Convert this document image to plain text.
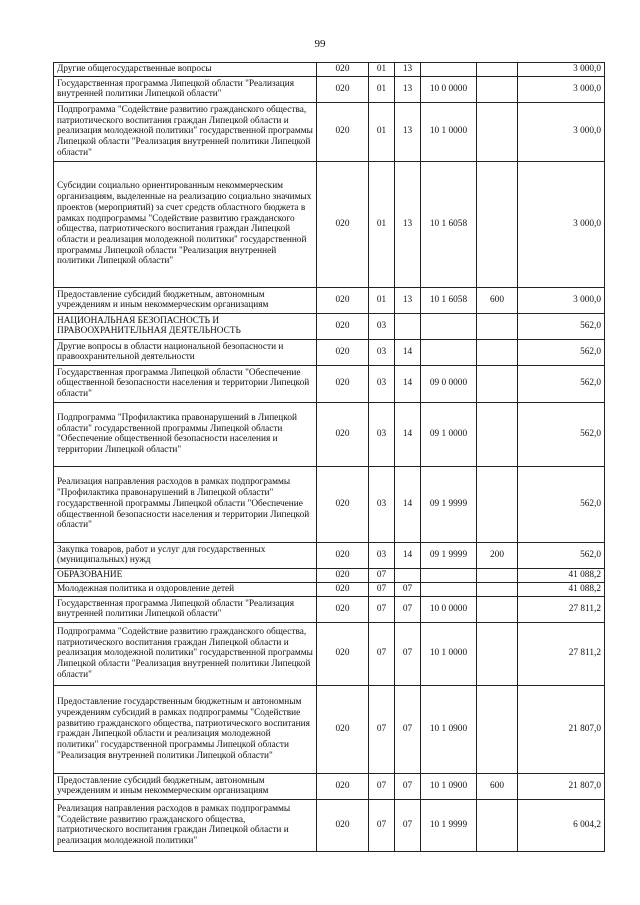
99
Другие общегосударственные вопросы	020	01	13			3 000,0
Государственная программа Липецкой области "Реализация внутренней политики Липецкой области"	020	01	13	10 0 0000		3 000,0
Подпрограмма "Содействие развитию гражданского общества, патриотического воспитания граждан Липецкой области и реализация молодежной политики" государственной программы Липецкой области "Реализация внутренней политики Липецкой области"	020	01	13	10 1 0000		3 000,0
Субсидии социально ориентированным некоммерческим организациям, выделенные на реализацию социально значимых проектов (мероприятий) за счет средств областного бюджета в рамках подпрограммы "Содействие развитию гражданского общества, патриотического воспитания граждан Липецкой области и реализация молодежной политики" государственной программы Липецкой области "Реализация внутренней политики Липецкой области"	020	01	13	10 1 6058		3 000,0
Предоставление субсидий бюджетным, автономным учреждениям и иным некоммерческим организациям	020	01	13	10 1 6058	600	3 000,0
НАЦИОНАЛЬНАЯ БЕЗОПАСНОСТЬ И ПРАВООХРАНИТЕЛЬНАЯ ДЕЯТЕЛЬНОСТЬ	020	03				562,0
Другие вопросы в области национальной безопасности и правоохранительной деятельности	020	03	14			562,0
Государственная программа Липецкой области "Обеспечение общественной безопасности населения и территории Липецкой области"	020	03	14	09 0 0000		562,0
Подпрограмма "Профилактика правонарушений в Липецкой области" государственной программы Липецкой области "Обеспечение общественной безопасности населения и территории Липецкой области"	020	03	14	09 1 0000		562,0
Реализация направления расходов в рамках подпрограммы "Профилактика правонарушений в Липецкой области" государственной программы Липецкой области "Обеспечение общественной безопасности населения и территории Липецкой области"	020	03	14	09 1 9999		562,0
Закупка товаров, работ и услуг для государственных (муниципальных) нужд	020	03	14	09 1 9999	200	562,0
ОБРАЗОВАНИЕ	020	07				41 088,2
Молодежная политика и оздоровление детей	020	07	07			41 088,2
Государственная программа Липецкой области "Реализация внутренней политики Липецкой области"	020	07	07	10 0 0000		27 811,2
Подпрограмма "Содействие развитию гражданского общества, патриотического воспитания граждан Липецкой области и реализация молодежной политики" государственной программы Липецкой области "Реализация внутренней политики Липецкой области"	020	07	07	10 1 0000		27 811,2
Предоставление государственным бюджетным и автономным учреждениям субсидий в рамках подпрограммы "Содействие развитию гражданского общества, патриотического воспитания граждан Липецкой области и реализация молодежной политики" государственной программы Липецкой области "Реализация внутренней политики Липецкой области"	020	07	07	10 1 0900		21 807,0
Предоставление субсидий бюджетным, автономным учреждениям и иным некоммерческим организациям	020	07	07	10 1 0900	600	21 807,0
Реализация направления расходов в рамках подпрограммы "Содействие развитию гражданского общества, патриотического воспитания граждан Липецкой области и реализация молодежной политики"	020	07	07	10 1 9999		6 004,2
